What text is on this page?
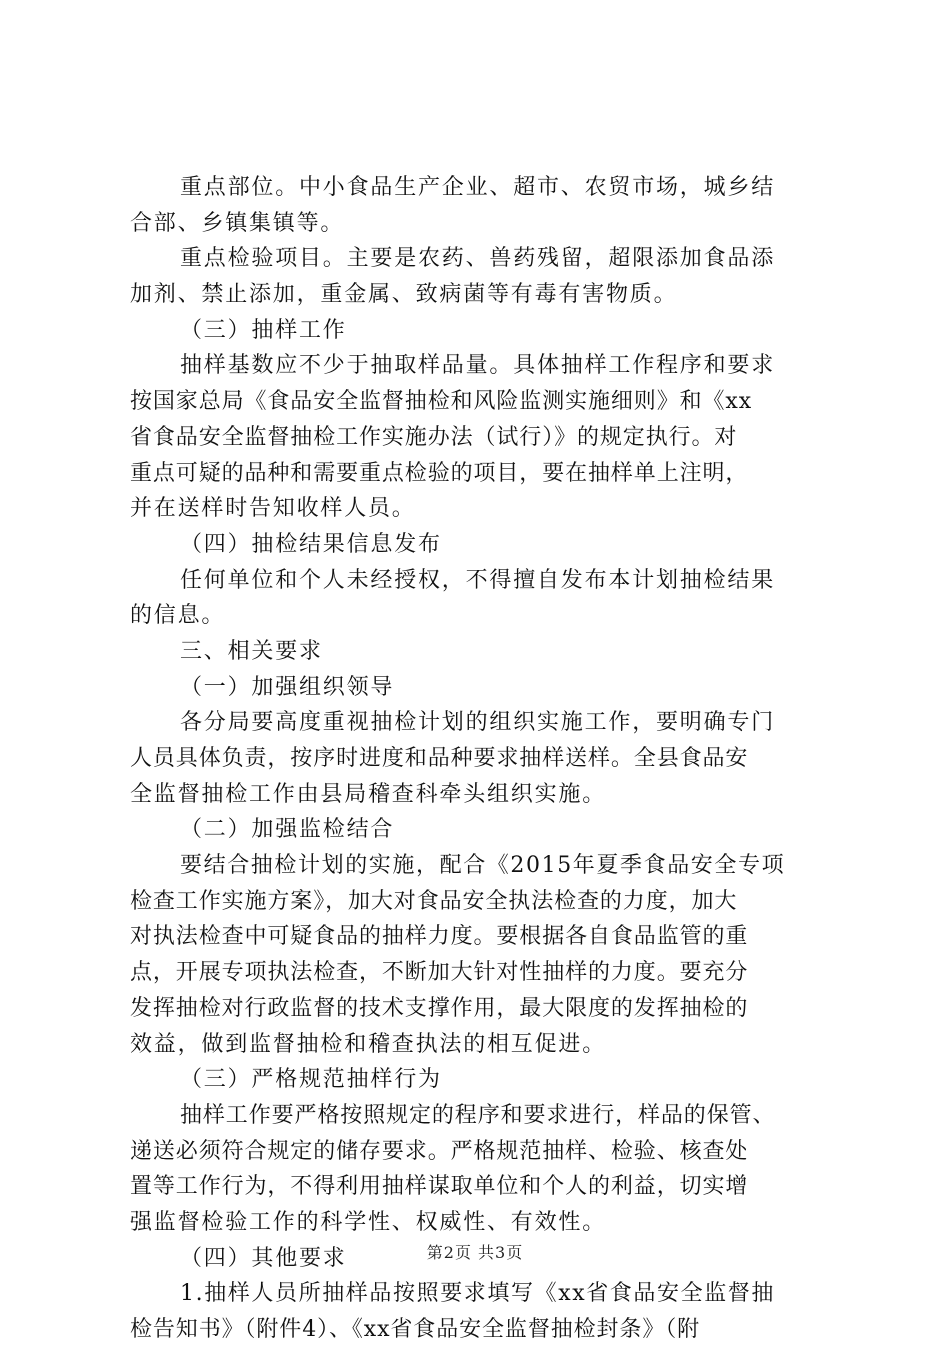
重点部位。中小食品生产企业、超市、农贸市场，城乡结
合部、乡镇集镇等。
重点检验项目。主要是农药、兽药残留，超限添加食品添
加剂、禁止添加，重金属、致病菌等有毒有害物质。
（三）抽样工作
抽样基数应不少于抽取样品量。具体抽样工作程序和要求
按国家总局《食品安全监督抽检和风险监测实施细则》和《xx
省食品安全监督抽检工作实施办法（试行）》的规定执行。对
重点可疑的品种和需要重点检验的项目，要在抽样单上注明，
并在送样时告知收样人员。
（四）抽检结果信息发布
任何单位和个人未经授权，不得擅自发布本计划抽检结果
的信息。
三、相关要求
（一）加强组织领导
各分局要高度重视抽检计划的组织实施工作，要明确专门
人员具体负责，按序时进度和品种要求抽样送样。全县食品安
全监督抽检工作由县局稽查科牵头组织实施。
（二）加强监检结合
要结合抽检计划的实施，配合《2015年夏季食品安全专项
检查工作实施方案》，加大对食品安全执法检查的力度，加大
对执法检查中可疑食品的抽样力度。要根据各自食品监管的重
点，开展专项执法检查，不断加大针对性抽样的力度。要充分
发挥抽检对行政监督的技术支撑作用，最大限度的发挥抽检的
效益，做到监督抽检和稽查执法的相互促进。
（三）严格规范抽样行为
抽样工作要严格按照规定的程序和要求进行，样品的保管、
递送必须符合规定的储存要求。严格规范抽样、检验、核查处
置等工作行为，不得利用抽样谋取单位和个人的利益，切实增
强监督检验工作的科学性、权威性、有效性。
（四）其他要求
1.抽样人员所抽样品按照要求填写《xx省食品安全监督抽
检告知书》（附件4）、《xx省食品安全监督抽检封条》（附
第2页 共3页
